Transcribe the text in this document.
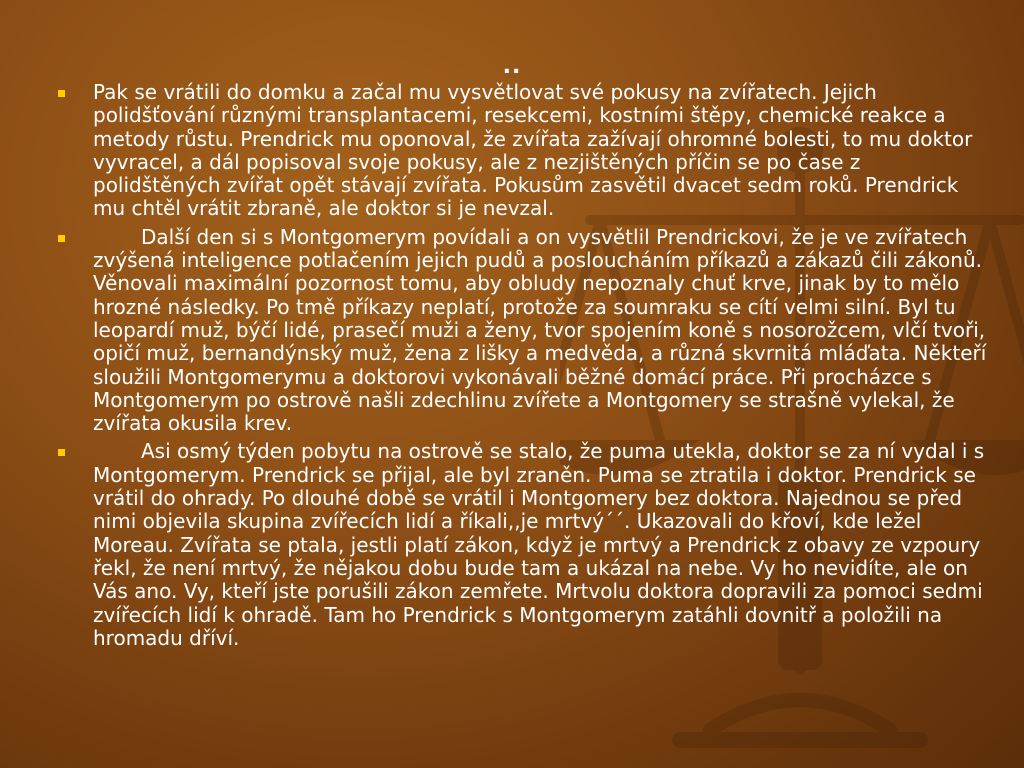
..
Pak se vrátili do domku a začal mu vysvětlovat své pokusy na zvířatech. Jejich polidšťování různými transplantacemi, resekcemi, kostními štěpy, chemické reakce a metody růstu. Prendrick mu oponoval, že zvířata zažívají ohromné bolesti, to mu doktor vyvracel, a dál popisoval svoje pokusy, ale z nezjištěných příčin se po čase z polidštěných zvířat opět stávají zvířata. Pokusům zasvětil dvacet sedm roků. Prendrick mu chtěl vrátit zbraně, ale doktor si je nevzal.
Další den si s Montgomerym povídali a on vysvětlil Prendrickovi, že je ve zvířatech zvýšená inteligence potlačením jejich pudů a posloucháním příkazů a zákazů čili zákonů. Věnovali maximální pozornost tomu, aby obludy nepoznaly chuť krve, jinak by to mělo hrozné následky. Po tmě příkazy neplatí, protože za soumraku se cítí velmi silní. Byl tu leopardí muž, býčí lidé, prasečí muži a ženy, tvor spojením koně s nosorožcem, vlčí tvoři, opičí muž, bernandýnský muž, žena z lišky a medvěda, a různá skvrnitá mláďata. Někteří sloužili Montgomerymu a doktorovi vykonávali běžné domácí práce. Při procházce s Montgomerym po ostrově našli zdechlinu zvířete a Montgomery se strašně vylekal, že zvířata okusila krev.
Asi osmý týden pobytu na ostrově se stalo, že puma utekla, doktor se za ní vydal i s Montgomerym. Prendrick se přijal, ale byl zraněn. Puma se ztratila i doktor. Prendrick se vrátil do ohrady. Po dlouhé době se vrátil i Montgomery bez doktora. Najednou se před nimi objevila skupina zvířecích lidí a říkali,,je mrtvý´´. Ukazovali do křoví, kde ležel Moreau. Zvířata se ptala, jestli platí zákon, když je mrtvý a Prendrick z obavy ze vzpoury řekl, že není mrtvý, že nějakou dobu bude tam a ukázal na nebe. Vy ho nevidíte, ale on Vás ano. Vy, kteří jste porušili zákon zemřete. Mrtvolu doktora dopravili za pomoci sedmi zvířecích lidí k ohradě. Tam ho Prendrick s Montgomerym zatáhli dovnitř a položili na hromadu dříví.
